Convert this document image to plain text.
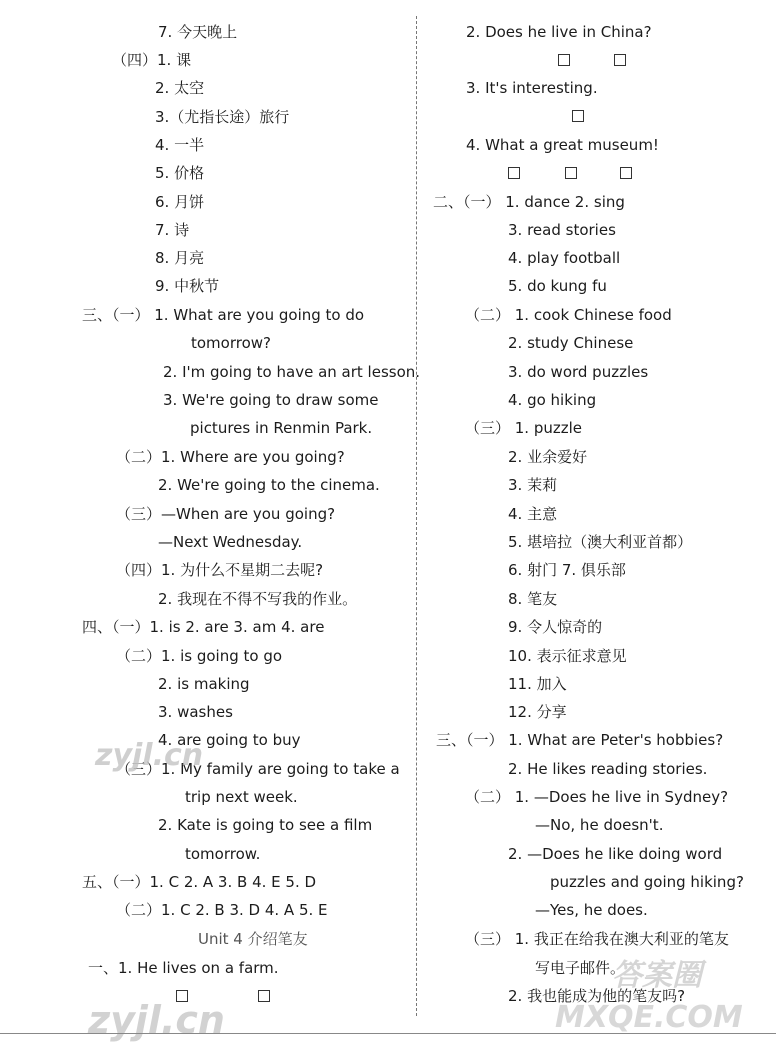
7. 今天晚上
（四）1. 课
2. 太空
3.（尤指长途）旅行
4. 一半
5. 价格
6. 月饼
7. 诗
8. 月亮
9. 中秋节
三、（一） 1. What are you going to do
tomorrow?
2. I'm going to have an art lesson.
3. We're going to draw some
pictures in Renmin Park.
（二）1. Where are you going?
2. We're going to the cinema.
（三）—When are you going?
—Next Wednesday.
（四）1. 为什么不星期二去呢?
2. 我现在不得不写我的作业。
四、（一）1. is 2. are 3. am 4. are
（二）1. is going to go
2. is making
3. washes
4. are going to buy
（三）1. My family are going to take a
trip next week.
2. Kate is going to see a film
tomorrow.
五、（一）1. C 2. A 3. B 4. E 5. D
（二）1. C 2. B 3. D 4. A 5. E
Unit 4 介绍笔友
一、1. He lives on a farm.
2. Does he live in China?
3. It's interesting.
4. What a great museum!
二、（一） 1. dance 2. sing
3. read stories
4. play football
5. do kung fu
（二） 1. cook Chinese food
2. study Chinese
3. do word puzzles
4. go hiking
（三） 1. puzzle
2. 业余爱好
3. 茉莉
4. 主意
5. 堪培拉（澳大利亚首都）
6. 射门 7. 俱乐部
8. 笔友
9. 令人惊奇的
10. 表示征求意见
11. 加入
12. 分享
三、（一） 1. What are Peter's hobbies?
2. He likes reading stories.
（二） 1. —Does he live in Sydney?
—No, he doesn't.
2. —Does he like doing word
puzzles and going hiking?
—Yes, he does.
（三） 1. 我正在给我在澳大利亚的笔友
写电子邮件。
2. 我也能成为他的笔友吗?
zyjl.cn
zyjl.cn
答案圈
MXQE.COM
